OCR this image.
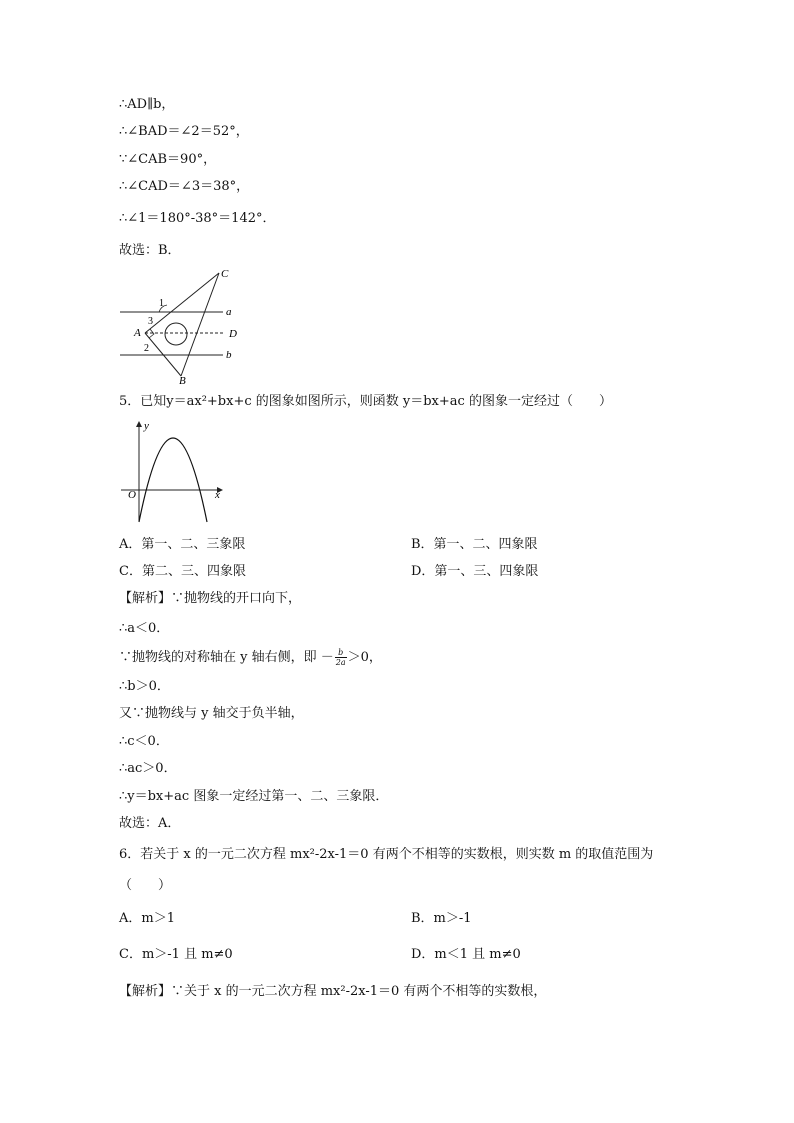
∴AD∥b，
∴∠BAD＝∠2＝52°，
∵∠CAB＝90°，
∴∠CAD＝∠3＝38°，
∴∠1＝180°-38°＝142°．
故选：B．
C
a
D
b
B
A
1
3
2
5．已知y＝ax²+bx+c 的图象如图所示，则函数 y＝bx+ac 的图象一定经过（　　）
y
x
O
A．第一、二、三象限	B．第一、二、四象限
C．第二、三、四象限	D．第一、三、四象限
【解析】∵抛物线的开口向下，
∴a＜0．
∵抛物线的对称轴在 y 轴右侧，即 － $\frac{b}{2a} >0$，
∴b＞0．
又∵抛物线与 y 轴交于负半轴，
∴c＜0．
∴ac＞0．
∴y＝bx+ac 图象一定经过第一、二、三象限．
故选：A．
6．若关于 x 的一元二次方程 mx²-2x-1＝0 有两个不相等的实数根，则实数 m 的取值范围为
（　　）
A．m＞1	B．m＞-1
C．m＞-1 且 m≠0	D．m＜1 且 m≠0
【解析】∵关于 x 的一元二次方程 mx²-2x-1＝0 有两个不相等的实数根，
